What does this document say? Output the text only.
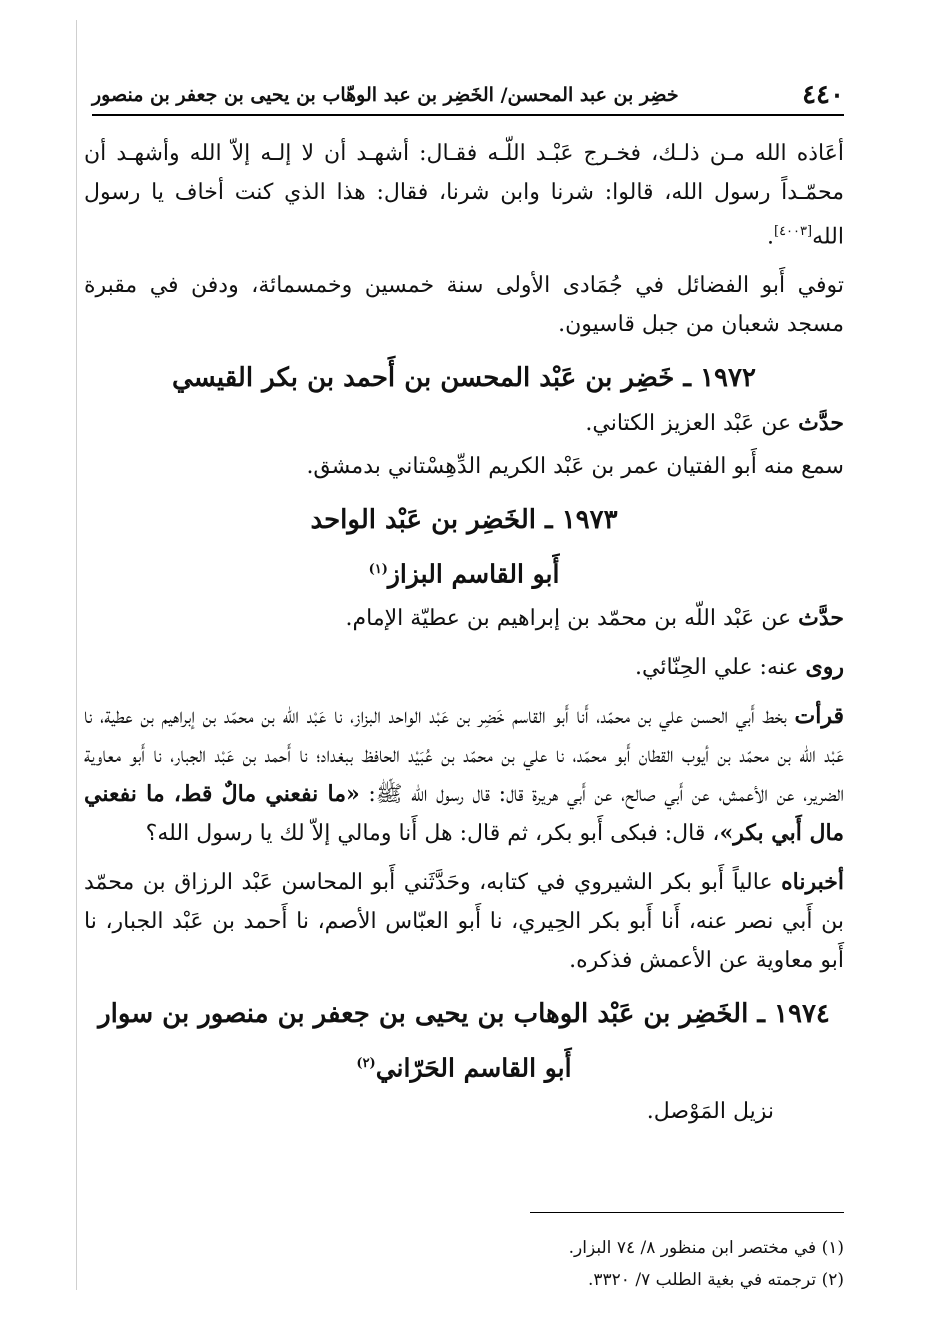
٤٤٠
خضِر بن عبد المحسن/ الخَضِر بن عبد الوهّاب بن يحيى بن جعفر بن منصور

أعَاذه الله مـن ذلـك، فخـرج عَبْـد اللّـه فقـال: أشهـد أن لا إلـه إلاّ الله وأشهـد أن محمّـداً رسول الله، قالوا: شرنا وابن شرنا، فقال: هذا الذي كنت أخاف يا رسول الله[٤٠٠٣].

توفي أَبو الفضائل في جُمَادى الأولى سنة خمسين وخمسمائة، ودفن في مقبرة مسجد شعبان من جبل قاسيون.

١٩٧٢ ـ خَضِر بن عَبْد المحسن بن أَحمد بن بكر القيسي

حدَّث عن عَبْد العزيز الكتاني.

سمع منه أَبو الفتيان عمر بن عَبْد الكريم الدِّهِسْتاني بدمشق.

١٩٧٣ ـ الخَضِر بن عَبْد الواحد
أَبو القاسم البزاز$^{(١)}$

حدَّث عن عَبْد اللّه بن محمّد بن إبراهيم بن عطيّة الإمام.

روى عنه: علي الحِنّائي.

قرأت بخط أَبي الحسن علي بن محمّد، أَنا أَبو القاسم خَضِر بن عَبْد الواحد البزاز، نا عَبْد اللّه بن محمّد بن إبراهيم بن عطية، نا عَبْد اللّه بن محمّد بن أيوب القطان أَبو محمّد، نا علي بن محمّد بن عُبَيْد الحافظ ببغداد؛ نا أَحمد بن عَبْد الجبار، نا أَبو معاوية الضرير، عن الأعمش، عن أَبي صالح، عن أَبي هريرة قال: قال رسول الله ﷺ: «ما نفعني مالٌ قط، ما نفعني مال أَبي بكر»، قال: فبكى أَبو بكر، ثم قال: هل أَنا ومالي إلاّ لك يا رسول الله؟

أخبرناه عالياً أَبو بكر الشيروي في كتابه، وحَدَّثَني أَبو المحاسن عَبْد الرزاق بن محمّد بن أَبي نصر عنه، أَنا أَبو بكر الحِيري، نا أَبو العبّاس الأصم، نا أَحمد بن عَبْد الجبار، نا أَبو معاوية عن الأعمش فذكره.

١٩٧٤ ـ الخَضِر بن عَبْد الوهاب بن يحيى بن جعفر بن منصور بن سوار
أَبو القاسم الحَرّاني$^{(٢)}$

نزيل المَوْصل.

(١) في مختصر ابن منظور ٨/ ٧٤ البزار.
(٢) ترجمته في بغية الطلب ٧/ ٣٣٢٠.
